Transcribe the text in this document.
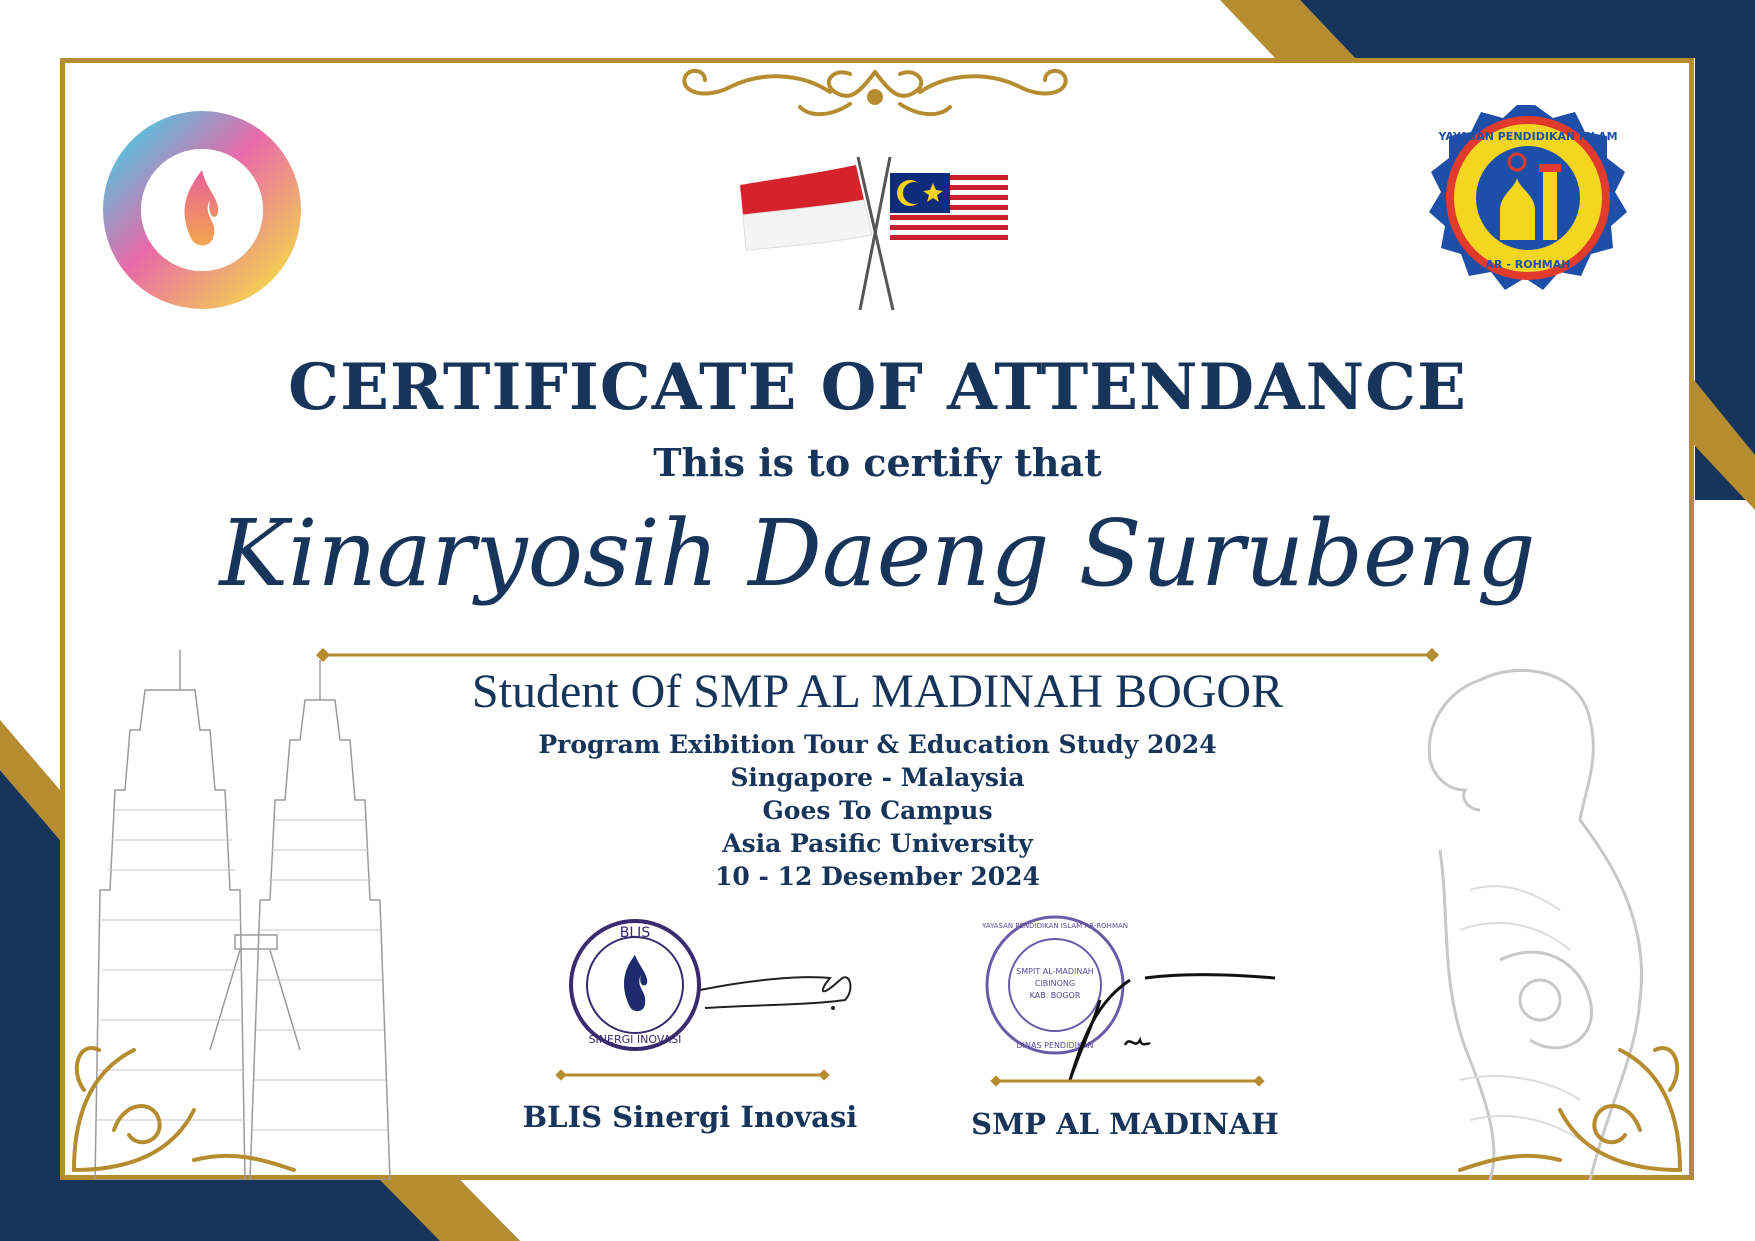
YAYASAN PENDIDIKAN ISLAM
AR - ROHMAH
CERTIFICATE OF ATTENDANCE
This is to certify that
Kinaryosih Daeng Surubeng
Student Of SMP AL MADINAH BOGOR
Program Exibition Tour & Education Study 2024
Singapore - Malaysia
Goes To Campus
Asia Pasific University
10 - 12 Desember 2024
BLIS
SINERGI INOVASI
BLIS Sinergi Inovasi
SMPIT AL-MADINAH
CIBINONG
KAB. BOGOR
YAYASAN PENDIDIKAN ISLAM AR-ROHMAN
DINAS PENDIDIKAN
SMP AL MADINAH
